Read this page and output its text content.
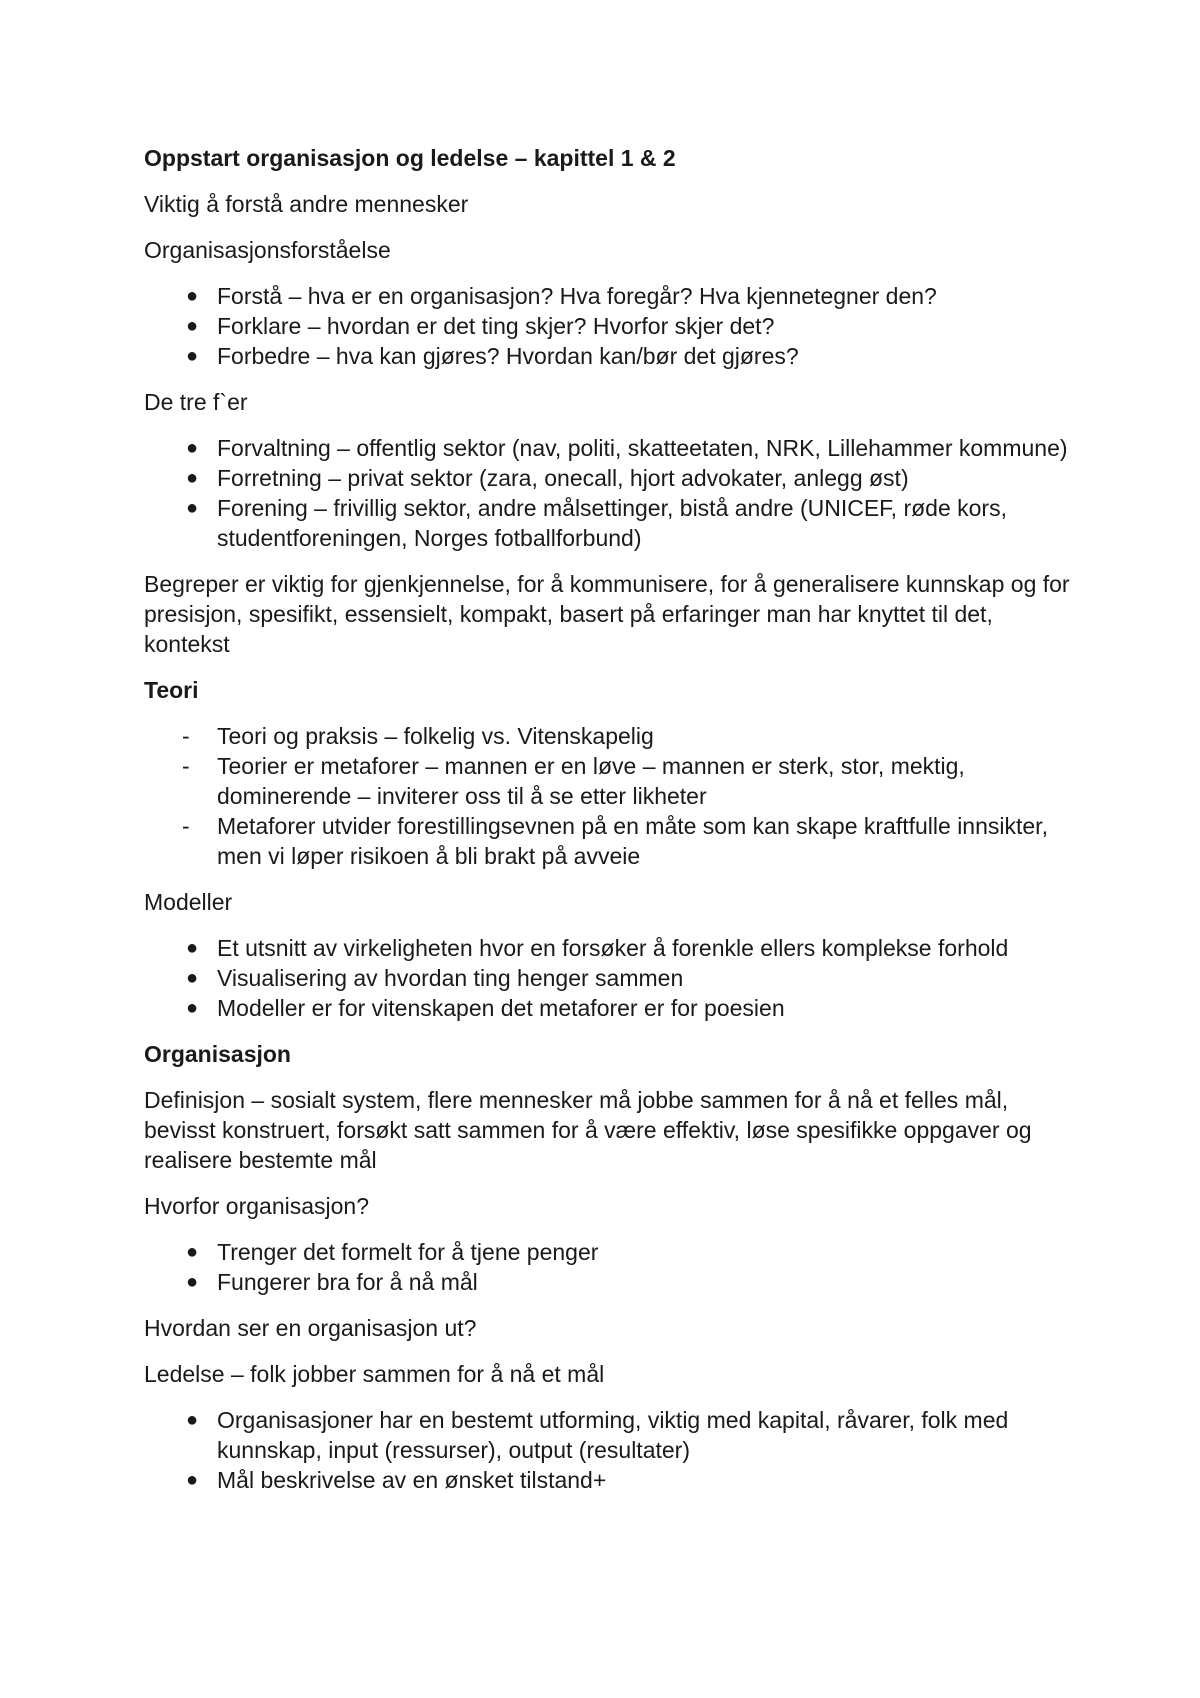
Oppstart organisasjon og ledelse – kapittel 1 & 2
Viktig å forstå andre mennesker
Organisasjonsforståelse
● Forstå – hva er en organisasjon? Hva foregår? Hva kjennetegner den?
● Forklare – hvordan er det ting skjer? Hvorfor skjer det?
● Forbedre – hva kan gjøres? Hvordan kan/bør det gjøres?
De tre f`er
● Forvaltning – offentlig sektor (nav, politi, skatteetaten, NRK, Lillehammer kommune)
● Forretning – privat sektor (zara, onecall, hjort advokater, anlegg øst)
● Forening – frivillig sektor, andre målsettinger, bistå andre (UNICEF, røde kors, studentforeningen, Norges fotballforbund)
Begreper er viktig for gjenkjennelse, for å kommunisere, for å generalisere kunnskap og for presisjon, spesifikt, essensielt, kompakt, basert på erfaringer man har knyttet til det, kontekst
Teori
-	Teori og praksis – folkelig vs. Vitenskapelig
-	Teorier er metaforer – mannen er en løve – mannen er sterk, stor, mektig, dominerende – inviterer oss til å se etter likheter
-	Metaforer utvider forestillingsevnen på en måte som kan skape kraftfulle innsikter, men vi løper risikoen å bli brakt på avveie
Modeller
● Et utsnitt av virkeligheten hvor en forsøker å forenkle ellers komplekse forhold
● Visualisering av hvordan ting henger sammen
● Modeller er for vitenskapen det metaforer er for poesien
Organisasjon
Definisjon – sosialt system, flere mennesker må jobbe sammen for å nå et felles mål, bevisst konstruert, forsøkt satt sammen for å være effektiv, løse spesifikke oppgaver og realisere bestemte mål
Hvorfor organisasjon?
● Trenger det formelt for å tjene penger
● Fungerer bra for å nå mål
Hvordan ser en organisasjon ut?
Ledelse – folk jobber sammen for å nå et mål
● Organisasjoner har en bestemt utforming, viktig med kapital, råvarer, folk med kunnskap, input (ressurser), output (resultater)
● Mål beskrivelse av en ønsket tilstand+
